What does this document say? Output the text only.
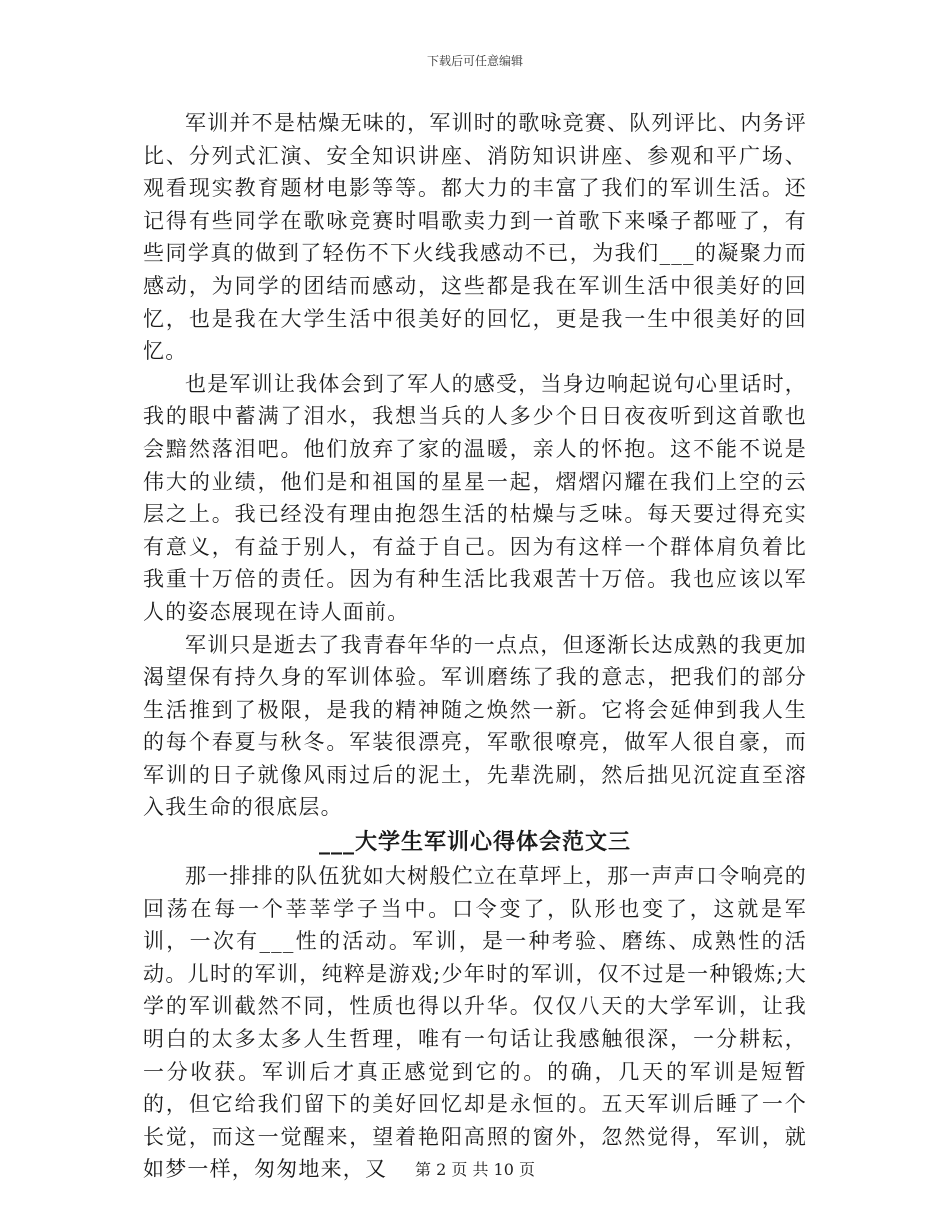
下载后可任意编辑

军训并不是枯燥无味的，军训时的歌咏竞赛、队列评比、内务评比、分列式汇演、安全知识讲座、消防知识讲座、参观和平广场、观看现实教育题材电影等等。都大力的丰富了我们的军训生活。还记得有些同学在歌咏竞赛时唱歌卖力到一首歌下来嗓子都哑了，有些同学真的做到了轻伤不下火线我感动不已，为我们___的凝聚力而感动，为同学的团结而感动，这些都是我在军训生活中很美好的回忆，也是我在大学生活中很美好的回忆，更是我一生中很美好的回忆。

也是军训让我体会到了军人的感受，当身边响起说句心里话时，我的眼中蓄满了泪水，我想当兵的人多少个日日夜夜听到这首歌也会黯然落泪吧。他们放弃了家的温暖，亲人的怀抱。这不能不说是伟大的业绩，他们是和祖国的星星一起，熠熠闪耀在我们上空的云层之上。我已经没有理由抱怨生活的枯燥与乏味。每天要过得充实有意义，有益于别人，有益于自己。因为有这样一个群体肩负着比我重十万倍的责任。因为有种生活比我艰苦十万倍。我也应该以军人的姿态展现在诗人面前。

军训只是逝去了我青春年华的一点点，但逐渐长达成熟的我更加渴望保有持久身的军训体验。军训磨练了我的意志，把我们的部分生活推到了极限，是我的精神随之焕然一新。它将会延伸到我人生的每个春夏与秋冬。军装很漂亮，军歌很嘹亮，做军人很自豪，而军训的日子就像风雨过后的泥土，先辈洗刷，然后拙见沉淀直至溶入我生命的很底层。

___大学生军训心得体会范文三

那一排排的队伍犹如大树般伫立在草坪上，那一声声口令响亮的回荡在每一个莘莘学子当中。口令变了，队形也变了，这就是军训，一次有___性的活动。军训，是一种考验、磨练、成熟性的活动。儿时的军训，纯粹是游戏;少年时的军训，仅不过是一种锻炼;大学的军训截然不同，性质也得以升华。仅仅八天的大学军训，让我明白的太多太多人生哲理，唯有一句话让我感触很深，一分耕耘，一分收获。军训后才真正感觉到它的。的确，几天的军训是短暂的，但它给我们留下的美好回忆却是永恒的。五天军训后睡了一个长觉，而这一觉醒来，望着艳阳高照的窗外，忽然觉得，军训，就如梦一样，匆匆地来，又	第 2 页 共 10 页
